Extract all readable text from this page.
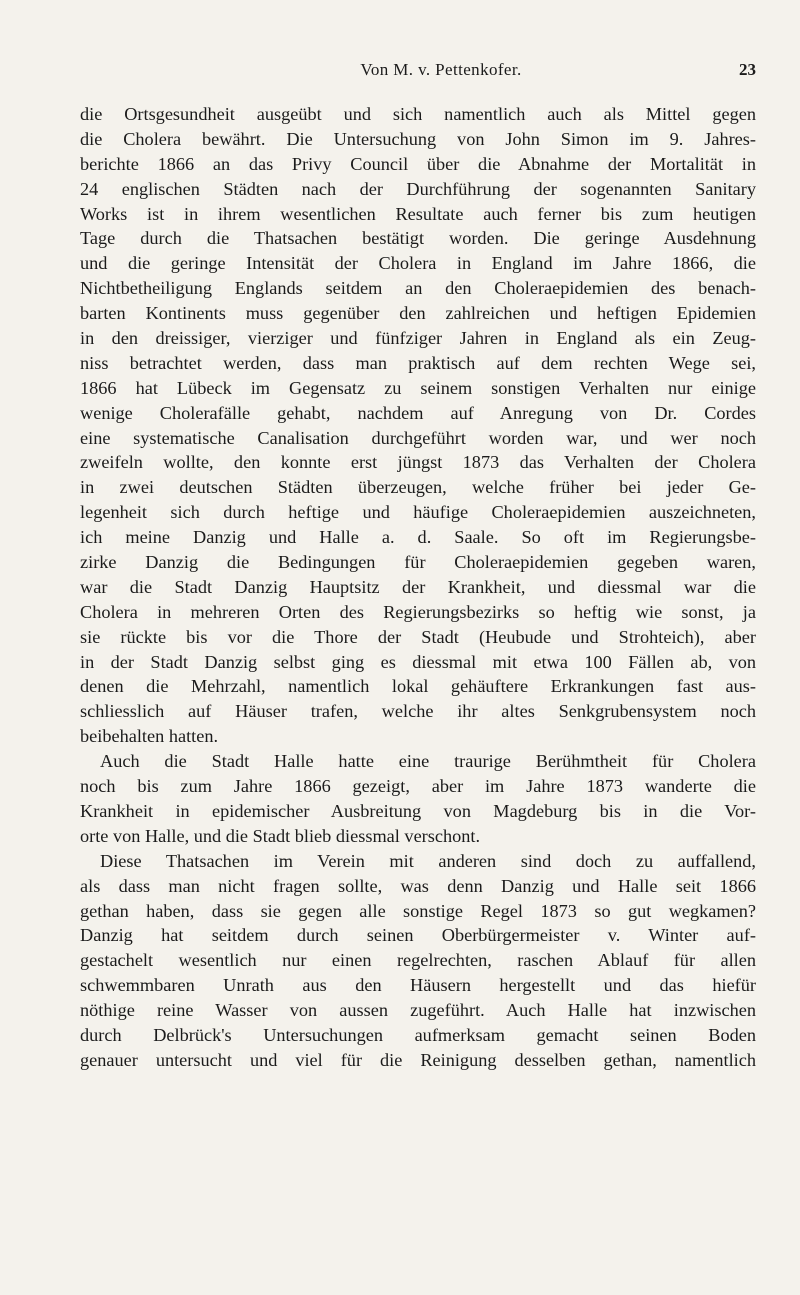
Von M. v. Pettenkofer.	23
die Ortsgesundheit ausgeübt und sich namentlich auch als Mittel gegen
die Cholera bewährt. Die Untersuchung von John Simon im 9. Jahres-
berichte 1866 an das Privy Council über die Abnahme der Mortalität in
24 englischen Städten nach der Durchführung der sogenannten Sanitary
Works ist in ihrem wesentlichen Resultate auch ferner bis zum heutigen
Tage durch die Thatsachen bestätigt worden. Die geringe Ausdehnung
und die geringe Intensität der Cholera in England im Jahre 1866, die
Nichtbetheiligung Englands seitdem an den Choleraepidemien des benach-
barten Kontinents muss gegenüber den zahlreichen und heftigen Epidemien
in den dreissiger, vierziger und fünfziger Jahren in England als ein Zeug-
niss betrachtet werden, dass man praktisch auf dem rechten Wege sei,
1866 hat Lübeck im Gegensatz zu seinem sonstigen Verhalten nur einige
wenige Cholerafälle gehabt, nachdem auf Anregung von Dr. Cordes
eine systematische Canalisation durchgeführt worden war, und wer noch
zweifeln wollte, den konnte erst jüngst 1873 das Verhalten der Cholera
in zwei deutschen Städten überzeugen, welche früher bei jeder Ge-
legenheit sich durch heftige und häufige Choleraepidemien auszeichneten,
ich meine Danzig und Halle a. d. Saale. So oft im Regierungsbe-
zirke Danzig die Bedingungen für Choleraepidemien gegeben waren,
war die Stadt Danzig Hauptsitz der Krankheit, und diessmal war die
Cholera in mehreren Orten des Regierungsbezirks so heftig wie sonst, ja
sie rückte bis vor die Thore der Stadt (Heubude und Strohteich), aber
in der Stadt Danzig selbst ging es diessmal mit etwa 100 Fällen ab, von
denen die Mehrzahl, namentlich lokal gehäuftere Erkrankungen fast aus-
schliesslich auf Häuser trafen, welche ihr altes Senkgrubensystem noch
beibehalten hatten.
Auch die Stadt Halle hatte eine traurige Berühmtheit für Cholera
noch bis zum Jahre 1866 gezeigt, aber im Jahre 1873 wanderte die
Krankheit in epidemischer Ausbreitung von Magdeburg bis in die Vor-
orte von Halle, und die Stadt blieb diessmal verschont.
Diese Thatsachen im Verein mit anderen sind doch zu auffallend,
als dass man nicht fragen sollte, was denn Danzig und Halle seit 1866
gethan haben, dass sie gegen alle sonstige Regel 1873 so gut wegkamen?
Danzig hat seitdem durch seinen Oberbürgermeister v. Winter auf-
gestachelt wesentlich nur einen regelrechten, raschen Ablauf für allen
schwemmbaren Unrath aus den Häusern hergestellt und das hiefür
nöthige reine Wasser von aussen zugeführt. Auch Halle hat inzwischen
durch Delbrück's Untersuchungen aufmerksam gemacht seinen Boden
genauer untersucht und viel für die Reinigung desselben gethan, namentlich
